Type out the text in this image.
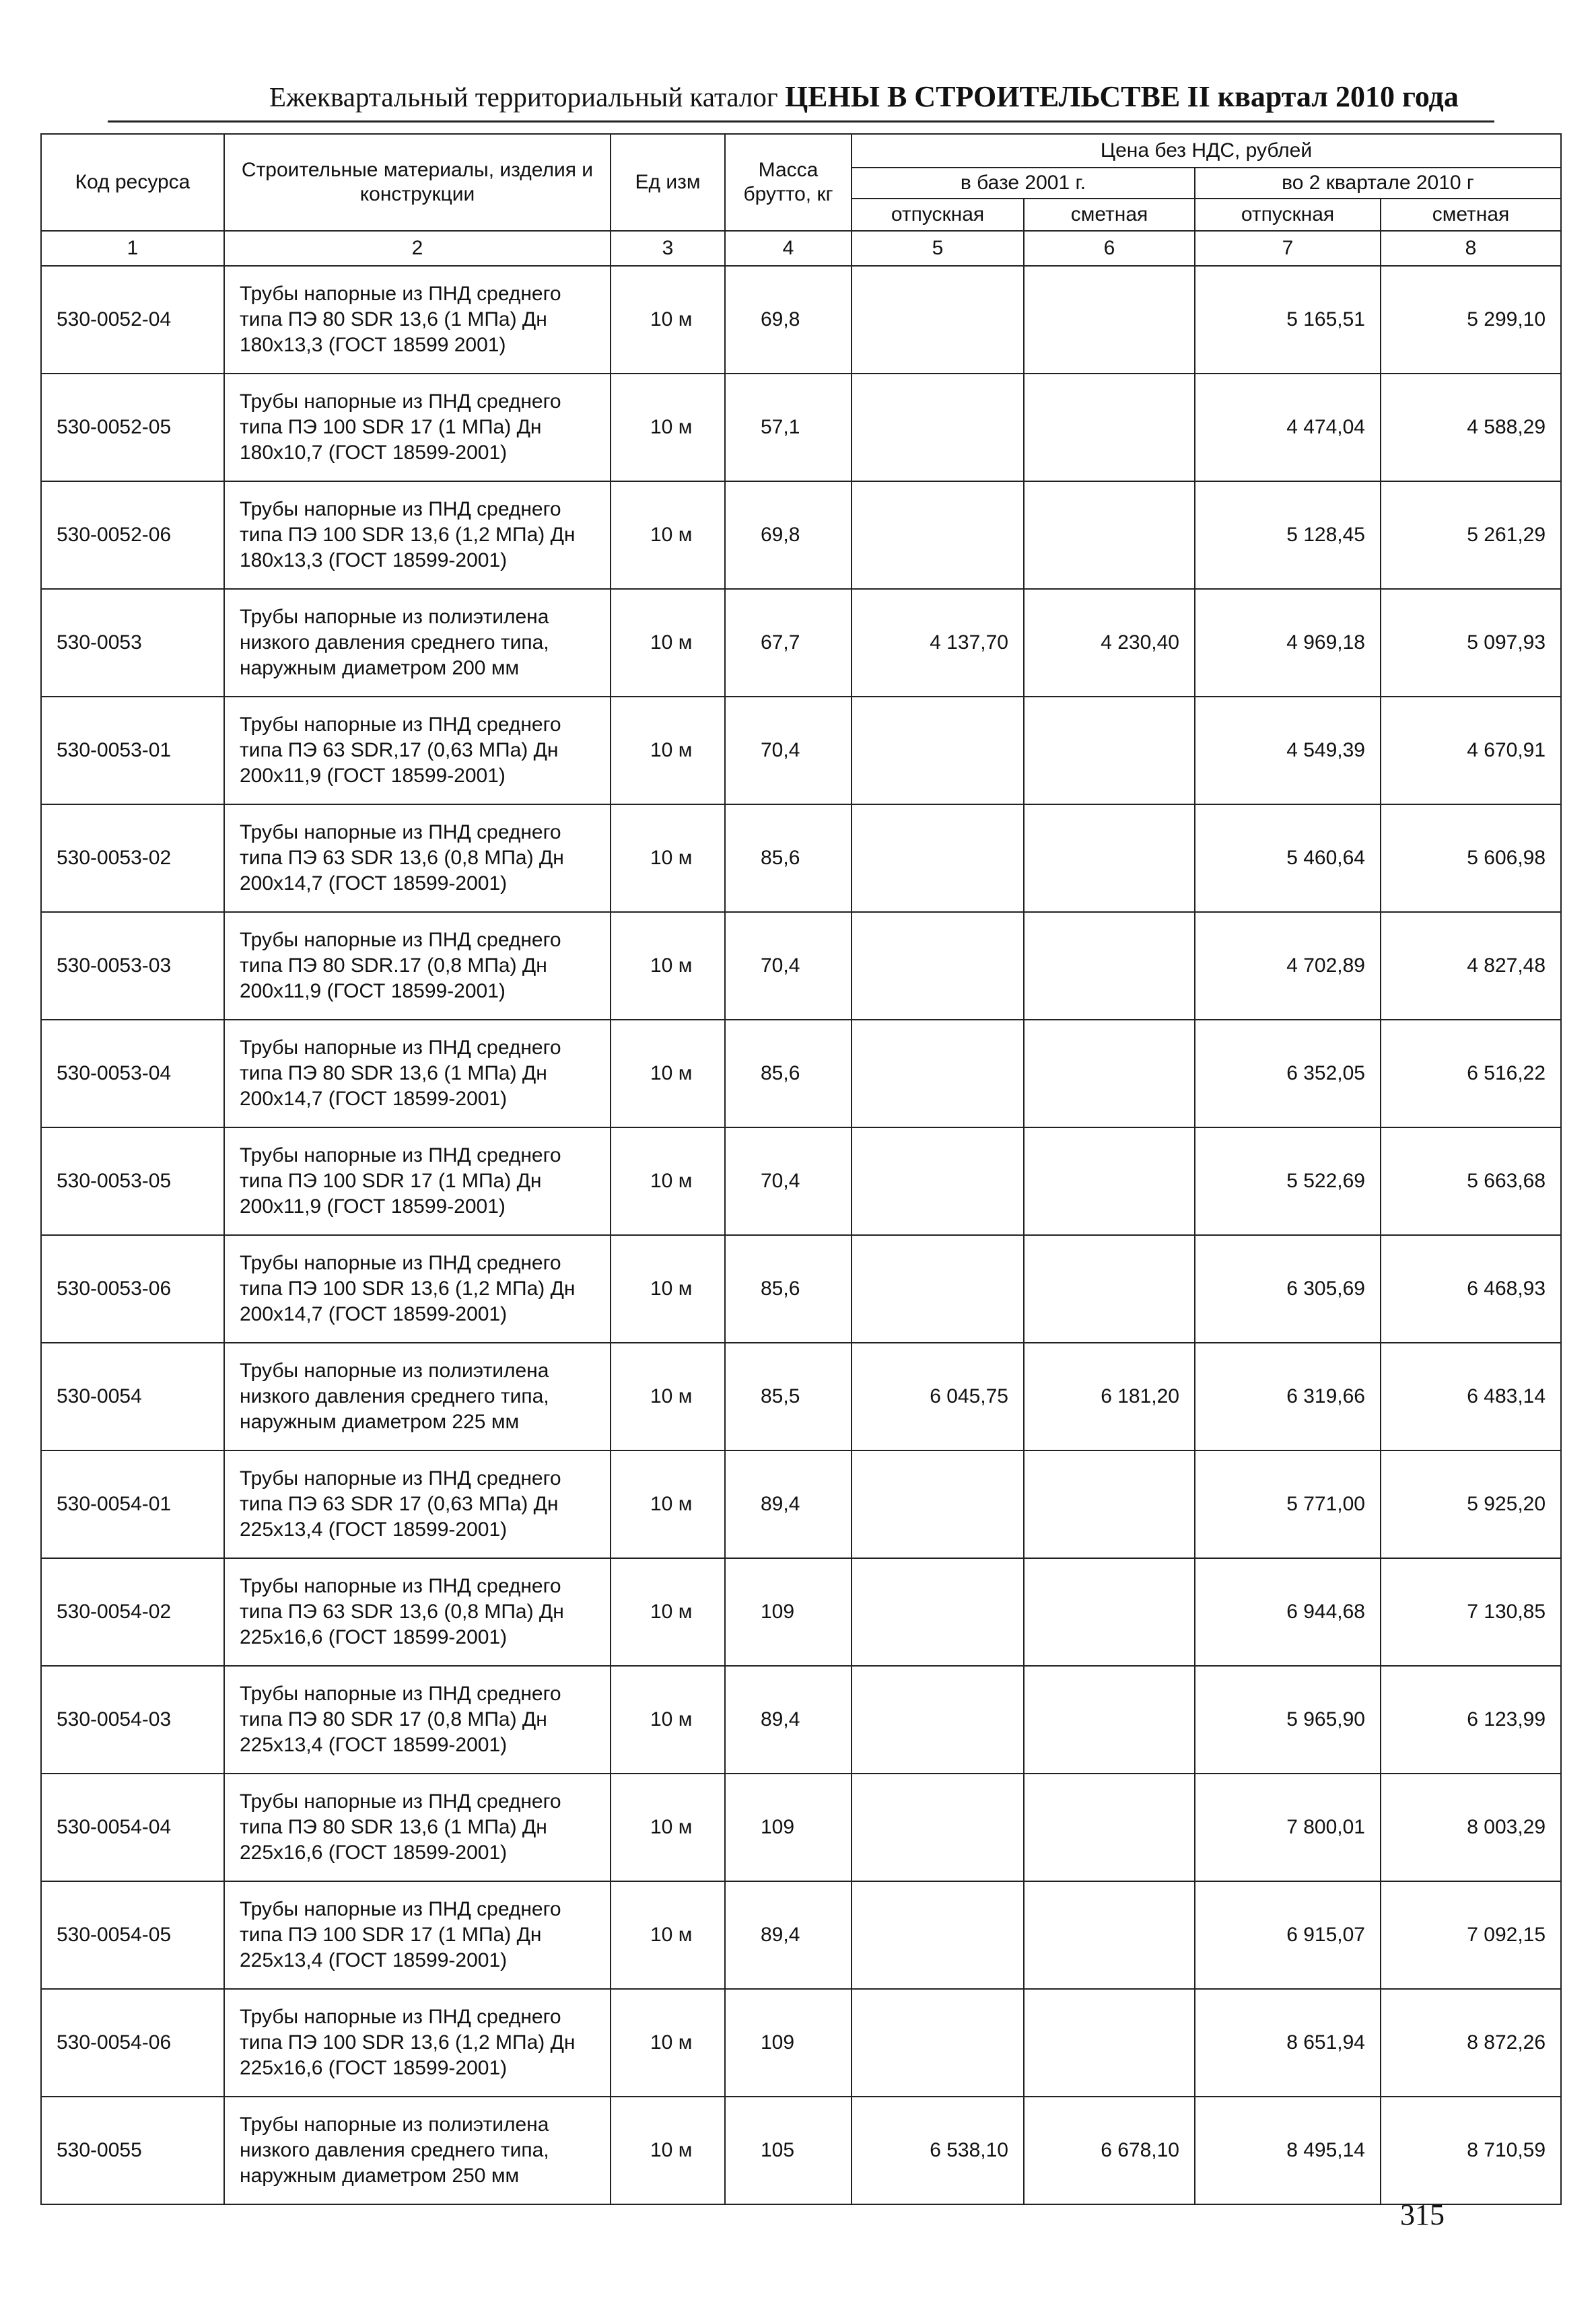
Ежеквартальный территориальный каталог ЦЕНЫ В СТРОИТЕЛЬСТВЕ II квартал 2010 года
Код ресурса	Строительные материалы, изделия и конструкции	Ед изм	Масса брутто, кг	Цена без НДС, рублей			
				в базе 2001 г.		во 2 квартале 2010 г	
				отпускная	сметная	отпускная	сметная
1	2	3	4	5	6	7	8
530-0052-04	Трубы напорные из ПНД среднего типа ПЭ 80 SDR 13,6 (1 МПа) Дн 180х13,3 (ГОСТ 18599 2001)	10 м	69,8			5 165,51	5 299,10
530-0052-05	Трубы напорные из ПНД среднего типа ПЭ 100 SDR 17 (1 МПа) Дн 180х10,7 (ГОСТ 18599-2001)	10 м	57,1			4 474,04	4 588,29
530-0052-06	Трубы напорные из ПНД среднего типа ПЭ 100 SDR 13,6 (1,2 МПа) Дн 180х13,3 (ГОСТ 18599-2001)	10 м	69,8			5 128,45	5 261,29
530-0053	Трубы напорные из полиэтилена низкого давления среднего типа, наружным диаметром 200 мм	10 м	67,7	4 137,70	4 230,40	4 969,18	5 097,93
530-0053-01	Трубы напорные из ПНД среднего типа ПЭ 63 SDR,17 (0,63 МПа) Дн 200х11,9 (ГОСТ 18599-2001)	10 м	70,4			4 549,39	4 670,91
530-0053-02	Трубы напорные из ПНД среднего типа ПЭ 63 SDR 13,6 (0,8 МПа) Дн 200х14,7 (ГОСТ 18599-2001)	10 м	85,6			5 460,64	5 606,98
530-0053-03	Трубы напорные из ПНД среднего типа ПЭ 80 SDR.17 (0,8 МПа) Дн 200х11,9 (ГОСТ 18599-2001)	10 м	70,4			4 702,89	4 827,48
530-0053-04	Трубы напорные из ПНД среднего типа ПЭ 80 SDR 13,6 (1 МПа) Дн 200х14,7 (ГОСТ 18599-2001)	10 м	85,6			6 352,05	6 516,22
530-0053-05	Трубы напорные из ПНД среднего типа ПЭ 100 SDR 17 (1 МПа) Дн 200х11,9 (ГОСТ 18599-2001)	10 м	70,4			5 522,69	5 663,68
530-0053-06	Трубы напорные из ПНД среднего типа ПЭ 100 SDR 13,6 (1,2 МПа) Дн 200х14,7 (ГОСТ 18599-2001)	10 м	85,6			6 305,69	6 468,93
530-0054	Трубы напорные из полиэтилена низкого давления среднего типа, наружным диаметром 225 мм	10 м	85,5	6 045,75	6 181,20	6 319,66	6 483,14
530-0054-01	Трубы напорные из ПНД среднего типа ПЭ 63 SDR 17 (0,63 МПа) Дн 225х13,4 (ГОСТ 18599-2001)	10 м	89,4			5 771,00	5 925,20
530-0054-02	Трубы напорные из ПНД среднего типа ПЭ 63 SDR 13,6 (0,8 МПа) Дн 225х16,6 (ГОСТ 18599-2001)	10 м	109			6 944,68	7 130,85
530-0054-03	Трубы напорные из ПНД среднего типа ПЭ 80 SDR 17 (0,8 МПа) Дн 225х13,4 (ГОСТ 18599-2001)	10 м	89,4			5 965,90	6 123,99
530-0054-04	Трубы напорные из ПНД среднего типа ПЭ 80 SDR 13,6 (1 МПа) Дн 225х16,6 (ГОСТ 18599-2001)	10 м	109			7 800,01	8 003,29
530-0054-05	Трубы напорные из ПНД среднего типа ПЭ 100 SDR 17 (1 МПа) Дн 225х13,4 (ГОСТ 18599-2001)	10 м	89,4			6 915,07	7 092,15
530-0054-06	Трубы напорные из ПНД среднего типа ПЭ 100 SDR 13,6 (1,2 МПа) Дн 225х16,6 (ГОСТ 18599-2001)	10 м	109			8 651,94	8 872,26
530-0055	Трубы напорные из полиэтилена низкого давления среднего типа, наружным диаметром 250 мм	10 м	105	6 538,10	6 678,10	8 495,14	8 710,59
315
